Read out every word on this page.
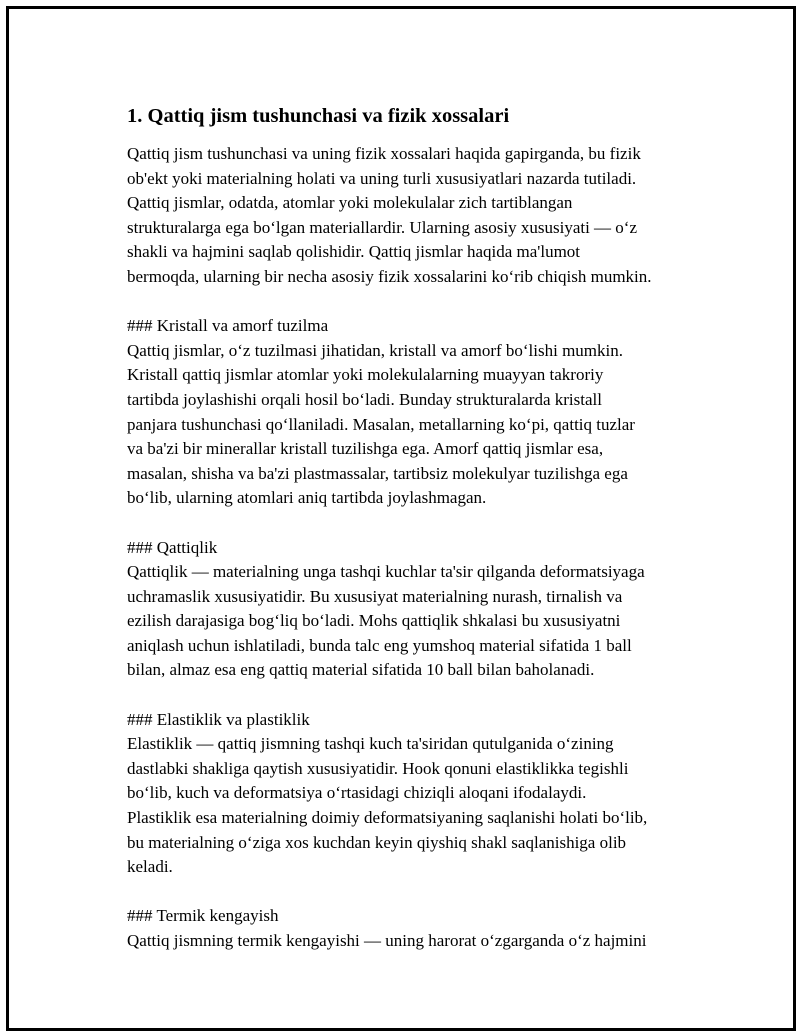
1. Qattiq jism tushunchasi va fizik xossalari
Qattiq jism tushunchasi va uning fizik xossalari haqida gapirganda, bu fizik
ob'ekt yoki materialning holati va uning turli xususiyatlari nazarda tutiladi.
Qattiq jismlar, odatda, atomlar yoki molekulalar zich tartiblangan
strukturalarga ega bo‘lgan materiallardir. Ularning asosiy xususiyati — o‘z
shakli va hajmini saqlab qolishidir. Qattiq jismlar haqida ma'lumot
bermoqda, ularning bir necha asosiy fizik xossalarini ko‘rib chiqish mumkin.
### Kristall va amorf tuzilma
Qattiq jismlar, o‘z tuzilmasi jihatidan, kristall va amorf bo‘lishi mumkin.
Kristall qattiq jismlar atomlar yoki molekulalarning muayyan takroriy
tartibda joylashishi orqali hosil bo‘ladi. Bunday strukturalarda kristall
panjara tushunchasi qo‘llaniladi. Masalan, metallarning ko‘pi, qattiq tuzlar
va ba'zi bir minerallar kristall tuzilishga ega. Amorf qattiq jismlar esa,
masalan, shisha va ba'zi plastmassalar, tartibsiz molekulyar tuzilishga ega
bo‘lib, ularning atomlari aniq tartibda joylashmagan.
### Qattiqlik
Qattiqlik — materialning unga tashqi kuchlar ta'sir qilganda deformatsiyaga
uchramaslik xususiyatidir. Bu xususiyat materialning nurash, tirnalish va
ezilish darajasiga bog‘liq bo‘ladi. Mohs qattiqlik shkalasi bu xususiyatni
aniqlash uchun ishlatiladi, bunda talc eng yumshoq material sifatida 1 ball
bilan, almaz esa eng qattiq material sifatida 10 ball bilan baholanadi.
### Elastiklik va plastiklik
Elastiklik — qattiq jismning tashqi kuch ta'siridan qutulganida o‘zining
dastlabki shakliga qaytish xususiyatidir. Hook qonuni elastiklikka tegishli
bo‘lib, kuch va deformatsiya o‘rtasidagi chiziqli aloqani ifodalaydi.
Plastiklik esa materialning doimiy deformatsiyaning saqlanishi holati bo‘lib,
bu materialning o‘ziga xos kuchdan keyin qiyshiq shakl saqlanishiga olib
keladi.
### Termik kengayish
Qattiq jismning termik kengayishi — uning harorat o‘zgarganda o‘z hajmini
